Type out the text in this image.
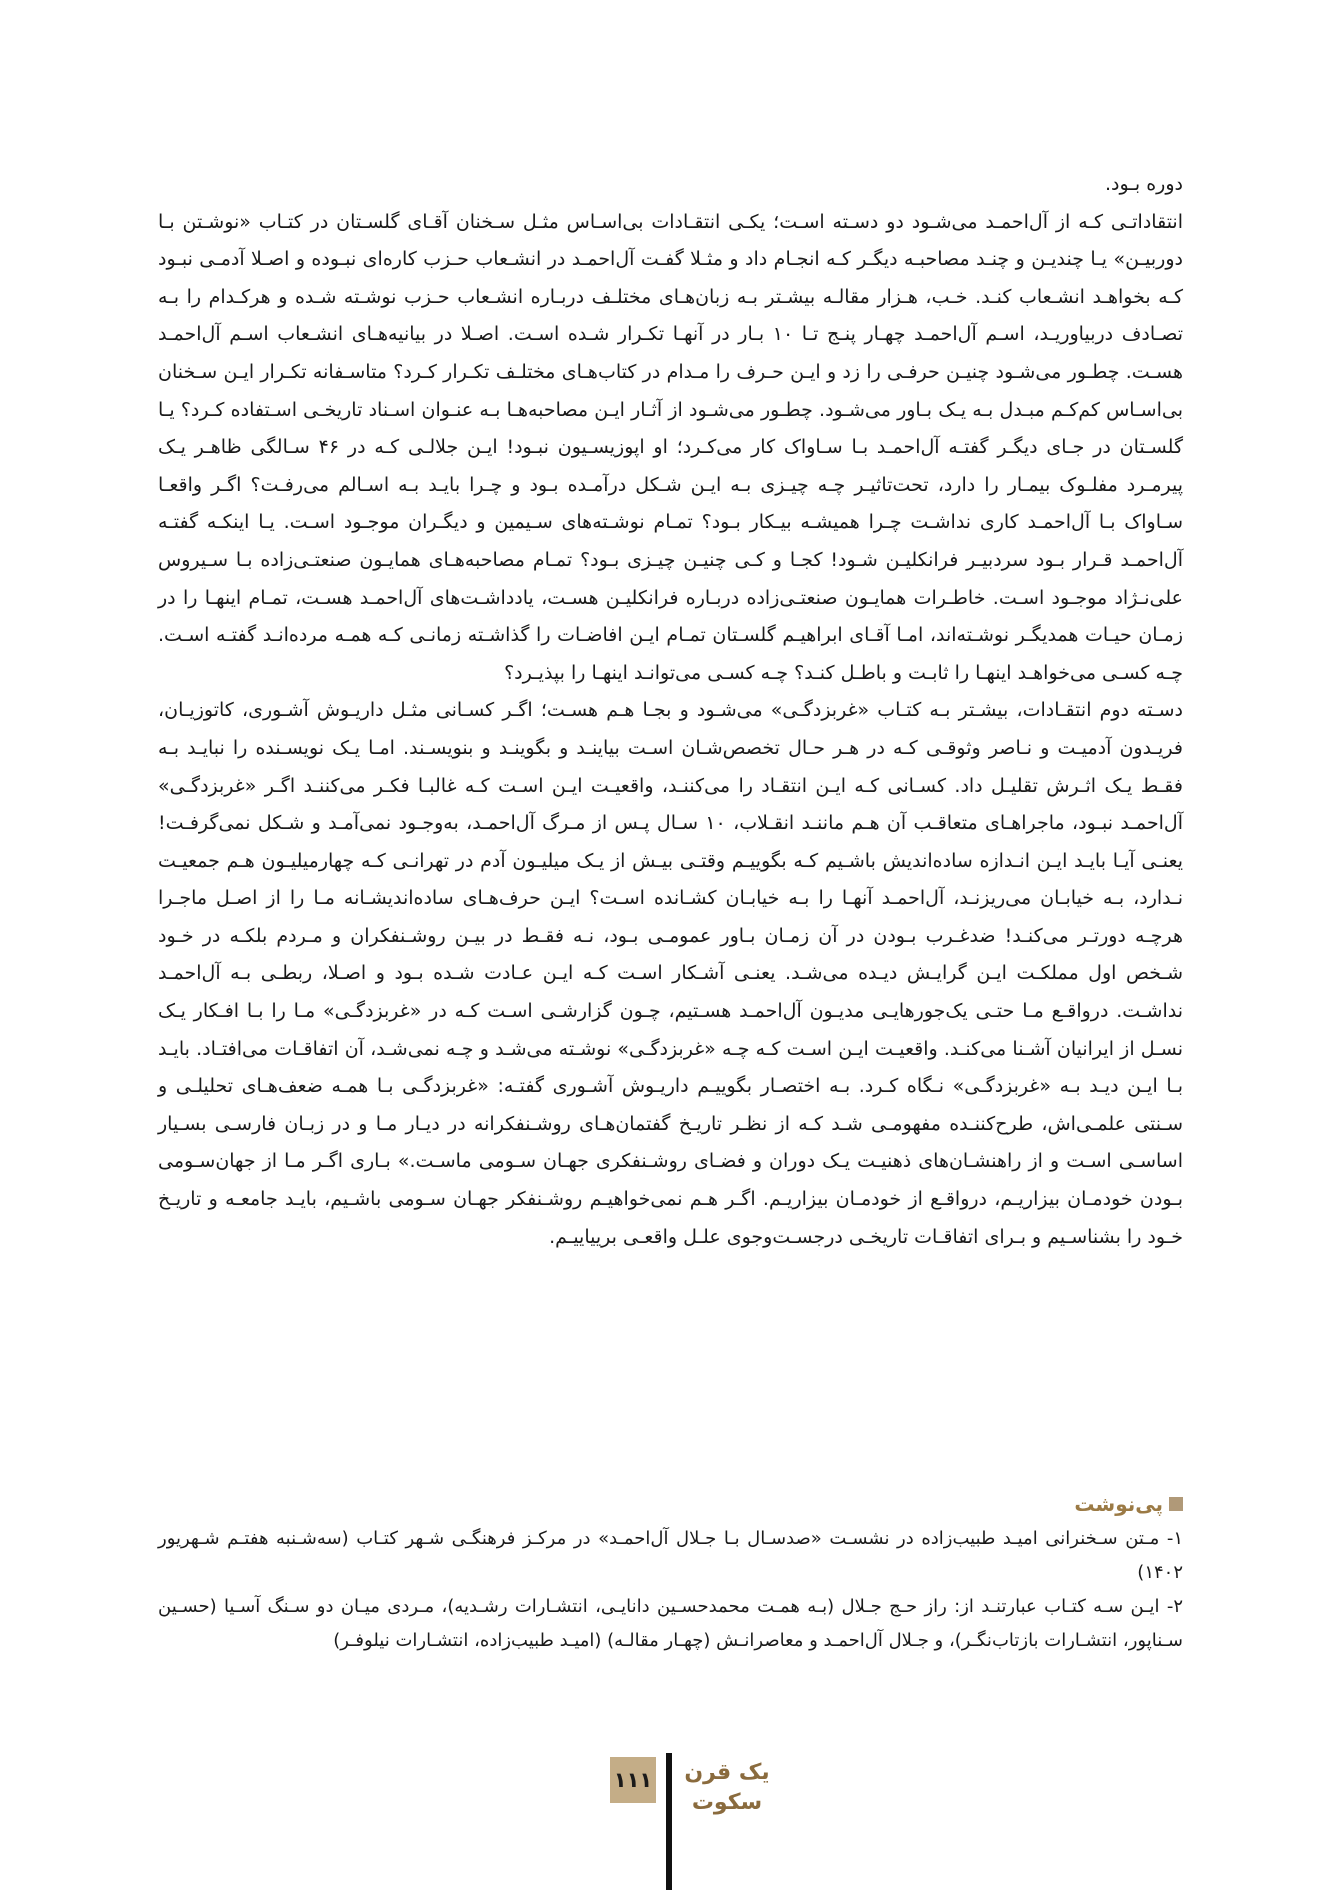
دوره بـود.

انتقاداتـی کـه از آل‌احمـد می‌شـود دو دسـته اسـت؛ یکـی انتقـادات بی‌اسـاس مثـل سـخنان آقـای گلسـتان در کتـاب «نوشـتن بـا دوربیـن» یـا چندیـن و چنـد مصاحبـه دیگـر کـه انجـام داد و مثـلا گفـت آل‌احمـد در انشـعاب حـزب کاره‌ای نبـوده و اصـلا آدمـی نبـود کـه بخواهـد انشـعاب کنـد. خـب، هـزار مقالـه بیشـتر بـه زبان‌هـای مختلـف دربـاره انشـعاب حـزب نوشـته شـده و هرکـدام را بـه تصـادف دربیاوریـد، اسـم آل‌احمـد چهـار پنـج تـا ۱۰ بـار در آنهـا تکـرار شـده اسـت. اصـلا در بیانیه‌هـای انشـعاب اسـم آل‌احمـد هسـت. چطـور می‌شـود چنیـن حرفـی را زد و ایـن حـرف را مـدام در کتاب‌هـای مختلـف تکـرار کـرد؟ متاسـفانه تکـرار ایـن سـخنان بی‌اسـاس کم‌کـم مبـدل بـه یـک بـاور می‌شـود. چطـور می‌شـود از آثـار ایـن مصاحبه‌هـا بـه عنـوان اسـناد تاریخـی اسـتفاده کـرد؟ یـا گلسـتان در جـای دیگـر گفتـه آل‌احمـد بـا سـاواک کار می‌کـرد؛ او اپوزیسـیون نبـود! ایـن جلالـی کـه در ۴۶ سـالگی ظاهـر یـک پیرمـرد مفلـوک بیمـار را دارد، تحت‌تاثیـر چـه چیـزی بـه ایـن شـکل درآمـده بـود و چـرا بایـد بـه اسـالم می‌رفـت؟ اگـر واقعـا سـاواک بـا آل‌احمـد کاری نداشـت چـرا همیشـه بیـکار بـود؟ تمـام نوشـته‌های سـیمین و دیگـران موجـود اسـت. یـا اینکـه گفتـه آل‌احمـد قـرار بـود سردبیـر فرانکلیـن شـود! کجـا و کـی چنیـن چیـزی بـود؟ تمـام مصاحبه‌هـای همایـون صنعتـی‌زاده بـا سـیروس علی‌نـژاد موجـود اسـت. خاطـرات همایـون صنعتـی‌زاده دربـاره فرانکلیـن هسـت، یادداشـت‌های آل‌احمـد هسـت، تمـام اینهـا را در زمـان حیـات همدیگـر نوشـته‌اند، امـا آقـای ابراهیـم گلسـتان تمـام ایـن افاضـات را گذاشـته زمانـی کـه همـه مرده‌انـد گفتـه اسـت. چـه کسـی می‌خواهـد اینهـا را ثابـت و باطـل کنـد؟ چـه کسـی می‌توانـد اینهـا را بپذیـرد؟

دسـته دوم انتقـادات، بیشـتر بـه کتـاب «غربزدگـی» می‌شـود و بجـا هـم هسـت؛ اگـر کسـانی مثـل داریـوش آشـوری، کاتوزیـان، فریـدون آدمیـت و نـاصر وثوقـی کـه در هـر حـال تخصص‌شـان اسـت بیاینـد و بگوینـد و بنویسـند. امـا یـک نویسـنده را نبایـد بـه فقـط یـک اثـرش تقلیـل داد. کسـانی کـه ایـن انتقـاد را می‌کننـد، واقعیـت ایـن اسـت کـه غالبـا فکـر می‌کننـد اگـر «غربزدگـی» آل‌احمـد نبـود، ماجراهـای متعاقـب آن هـم ماننـد انقـلاب، ۱۰ سـال پـس از مـرگ آل‌احمـد، به‌وجـود نمی‌آمـد و شـکل نمی‌گرفـت! یعنـی آیـا بایـد ایـن انـدازه ساده‌اندیش باشـیم کـه بگوییـم وقتـی بیـش از یـک میلیـون آدم در تهرانـی کـه چهارمیلیـون هـم جمعیـت نـدارد، بـه خیابـان می‌ریزنـد، آل‌احمـد آنهـا را بـه خیابـان کشـانده اسـت؟ ایـن حرف‌هـای ساده‌اندیشـانه مـا را از اصـل ماجـرا هرچـه دورتـر می‌کنـد! ضدغـرب بـودن در آن زمـان بـاور عمومـی بـود، نـه فقـط در بیـن روشـنفکران و مـردم بلکـه در خـود شـخص اول مملکـت ایـن گرایـش دیـده می‌شـد. یعنـی آشـکار اسـت کـه ایـن عـادت شـده بـود و اصـلا، ربطـی بـه آل‌احمـد نداشـت. درواقـع مـا حتـی یک‌جورهایـی مدیـون آل‌احمـد هسـتیم، چـون گزارشـی اسـت کـه در «غربزدگـی» مـا را بـا افـکار یـک نسـل از ایرانیان آشـنا می‌کنـد. واقعیـت ایـن اسـت کـه چـه «غربزدگـی» نوشـته می‌شـد و چـه نمی‌شـد، آن اتفاقـات می‌افتـاد. بایـد بـا ایـن دیـد بـه «غربزدگـی» نـگاه کـرد. بـه اختصـار بگوییـم داریـوش آشـوری گفتـه: «غربزدگـی بـا همـه ضعف‌هـای تحلیلـی و سـنتی علمـی‌اش، طرح‌کننـده مفهومـی شـد کـه از نظـر تاریـخ گفتمان‌هـای روشـنفکرانه در دیـار مـا و در زبـان فارسـی بسـیار اساسـی اسـت و از راهنشـان‌های ذهنیـت یـک دوران و فضـای روشـنفکری جهـان سـومی ماسـت.» بـاری اگـر مـا از جهان‌سـومی بـودن خودمـان بیزاریـم، درواقـع از خودمـان بیزاریـم. اگـر هـم نمی‌خواهیـم روشـنفکر جهـان سـومی باشـیم، بایـد جامعـه و تاریـخ خـود را بشناسـیم و بـرای اتفاقـات تاریخـی درجسـت‌وجوی علـل واقعـی برییاییـم.

پی‌نوشت

۱- مـتن سـخنرانی امیـد طبیب‌زاده در نشسـت «صدسـال بـا جـلال آل‌احمـد» در مرکـز فرهنگـی شـهر کتـاب (سه‌شـنبه هفتـم شـهریور ۱۴۰۲)

۲- ایـن سـه کتـاب عبارتنـد از: راز حـج جـلال (بـه همـت محمدحسـین دانایـی، انتشـارات رشـدیه)، مـردی میـان دو سـنگ آسـیا (حسـین سـناپور، انتشـارات بازتاب‌نگـر)، و جـلال آل‌احمـد و معاصرانـش (چهـار مقالـه) (امیـد طبیب‌زاده، انتشـارات نیلوفـر)

۱۱۱ یک قرن
سکوت
